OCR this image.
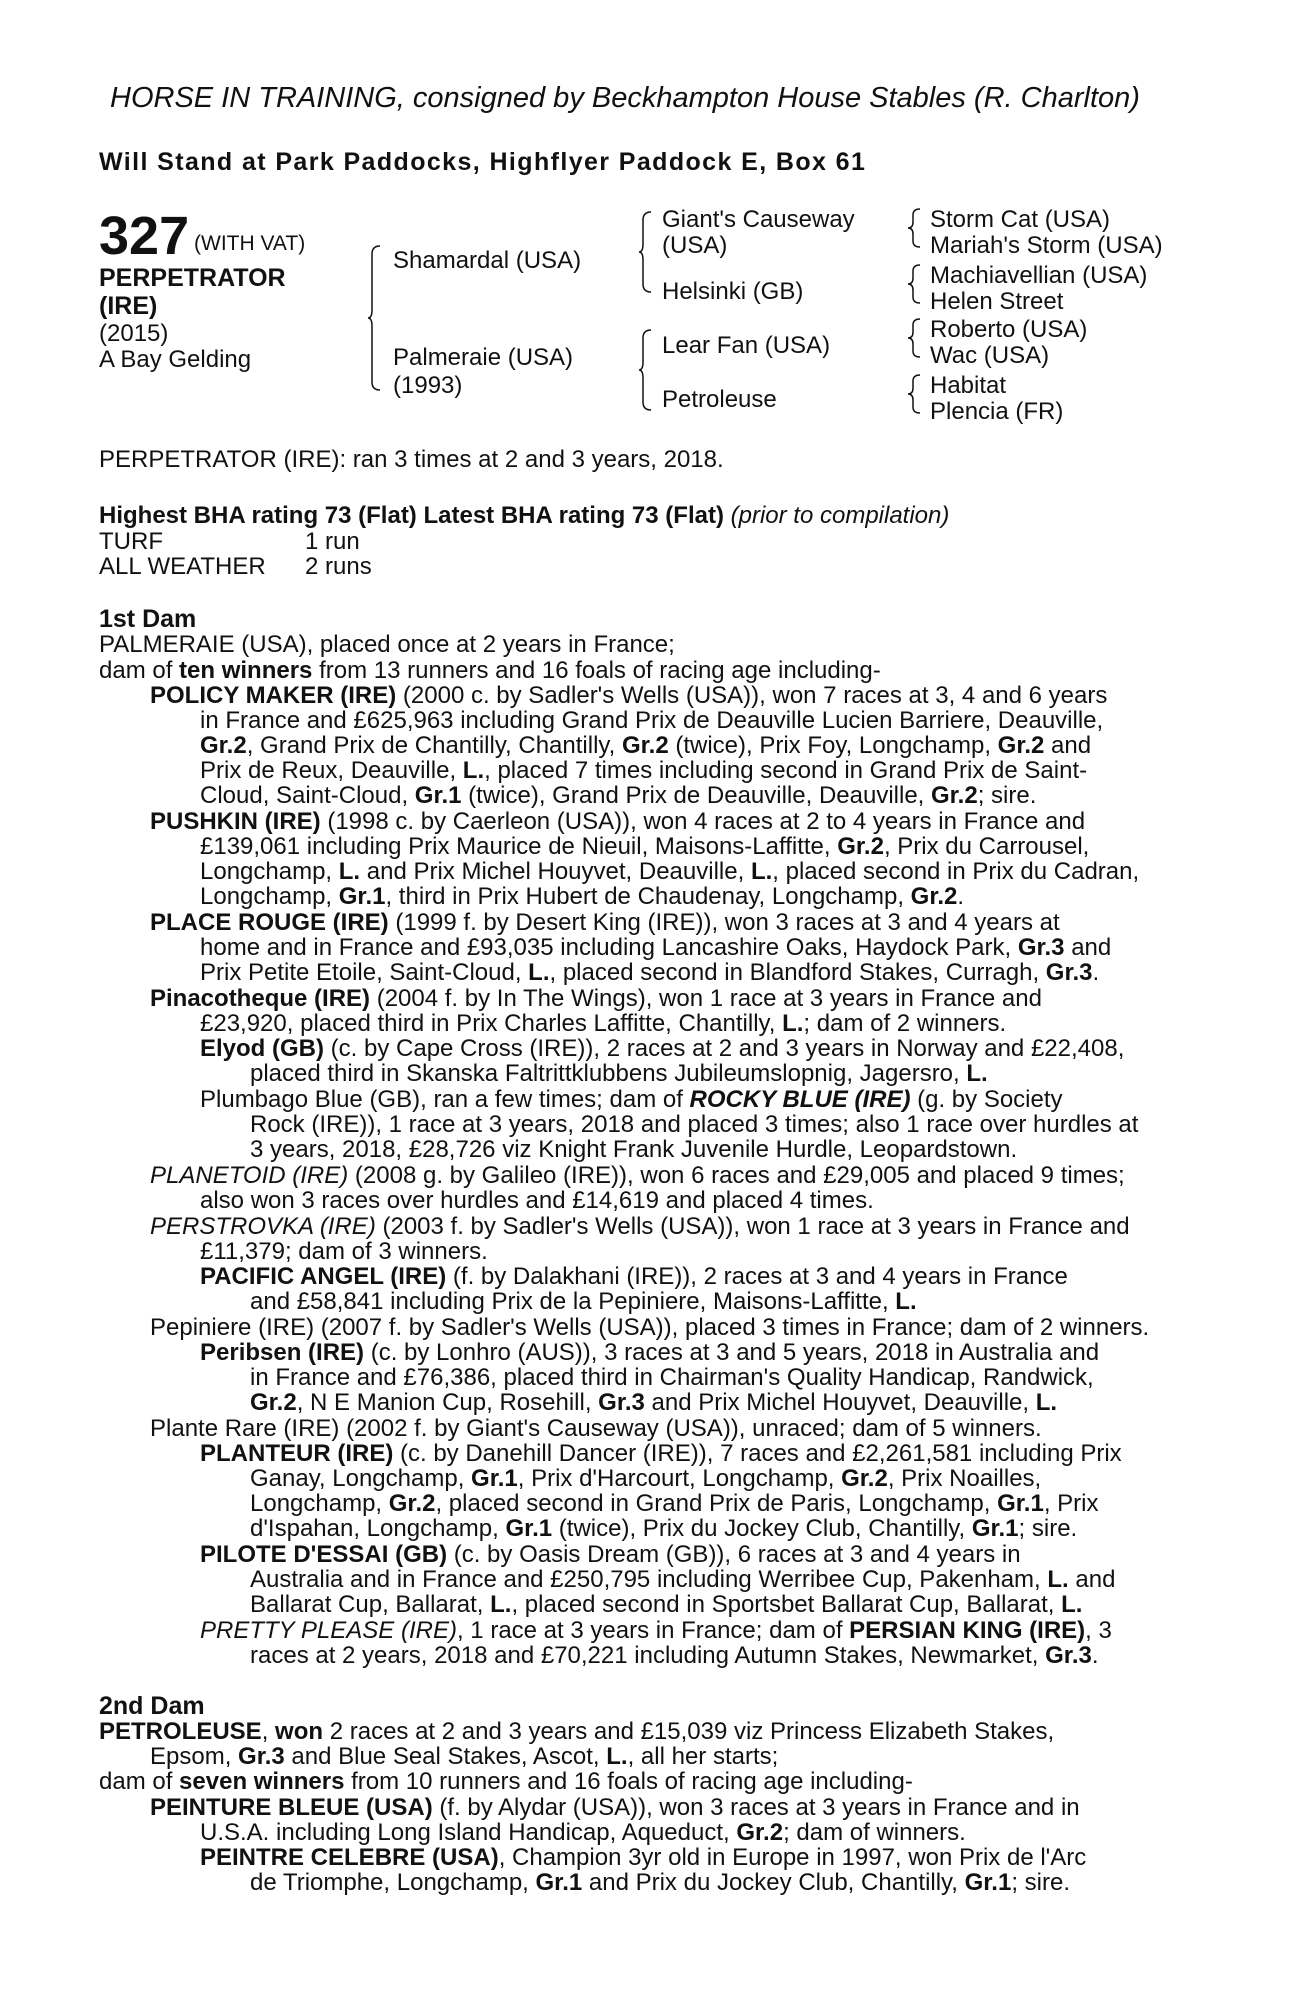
HORSE IN TRAINING, consigned by Beckhampton House Stables (R. Charlton)
Will Stand at Park Paddocks, Highflyer Paddock E, Box 61
327 (WITH VAT)
PERPETRATOR
(IRE)
(2015)
A Bay Gelding
Shamardal (USA)
Palmeraie (USA)
(1993)
Giant's Causeway
(USA)
Helsinki (GB)
Lear Fan (USA)
Petroleuse
Storm Cat (USA)
Mariah's Storm (USA)
Machiavellian (USA)
Helen Street
Roberto (USA)
Wac (USA)
Habitat
Plencia (FR)
PERPETRATOR (IRE): ran 3 times at 2 and 3 years, 2018.
Highest BHA rating 73 (Flat) Latest BHA rating 73 (Flat) (prior to compilation)
TURF	1 run
ALL WEATHER 2 runs
1st Dam
PALMERAIE (USA), placed once at 2 years in France;
dam of ten winners from 13 runners and 16 foals of racing age including-
POLICY MAKER (IRE) (2000 c. by Sadler's Wells (USA)), won 7 races at 3, 4 and 6 years
in France and £625,963 including Grand Prix de Deauville Lucien Barriere, Deauville,
Gr.2, Grand Prix de Chantilly, Chantilly, Gr.2 (twice), Prix Foy, Longchamp, Gr.2 and
Prix de Reux, Deauville, L., placed 7 times including second in Grand Prix de Saint-
Cloud, Saint-Cloud, Gr.1 (twice), Grand Prix de Deauville, Deauville, Gr.2; sire.
PUSHKIN (IRE) (1998 c. by Caerleon (USA)), won 4 races at 2 to 4 years in France and
£139,061 including Prix Maurice de Nieuil, Maisons-Laffitte, Gr.2, Prix du Carrousel,
Longchamp, L. and Prix Michel Houyvet, Deauville, L., placed second in Prix du Cadran,
Longchamp, Gr.1, third in Prix Hubert de Chaudenay, Longchamp, Gr.2.
PLACE ROUGE (IRE) (1999 f. by Desert King (IRE)), won 3 races at 3 and 4 years at
home and in France and £93,035 including Lancashire Oaks, Haydock Park, Gr.3 and
Prix Petite Etoile, Saint-Cloud, L., placed second in Blandford Stakes, Curragh, Gr.3.
Pinacotheque (IRE) (2004 f. by In The Wings), won 1 race at 3 years in France and
£23,920, placed third in Prix Charles Laffitte, Chantilly, L.; dam of 2 winners.
Elyod (GB) (c. by Cape Cross (IRE)), 2 races at 2 and 3 years in Norway and £22,408,
placed third in Skanska Faltrittklubbens Jubileumslopnig, Jagersro, L.
Plumbago Blue (GB), ran a few times; dam of ROCKY BLUE (IRE) (g. by Society
Rock (IRE)), 1 race at 3 years, 2018 and placed 3 times; also 1 race over hurdles at
3 years, 2018, £28,726 viz Knight Frank Juvenile Hurdle, Leopardstown.
PLANETOID (IRE) (2008 g. by Galileo (IRE)), won 6 races and £29,005 and placed 9 times;
also won 3 races over hurdles and £14,619 and placed 4 times.
PERSTROVKA (IRE) (2003 f. by Sadler's Wells (USA)), won 1 race at 3 years in France and
£11,379; dam of 3 winners.
PACIFIC ANGEL (IRE) (f. by Dalakhani (IRE)), 2 races at 3 and 4 years in France
and £58,841 including Prix de la Pepiniere, Maisons-Laffitte, L.
Pepiniere (IRE) (2007 f. by Sadler's Wells (USA)), placed 3 times in France; dam of 2 winners.
Peribsen (IRE) (c. by Lonhro (AUS)), 3 races at 3 and 5 years, 2018 in Australia and
in France and £76,386, placed third in Chairman's Quality Handicap, Randwick,
Gr.2, N E Manion Cup, Rosehill, Gr.3 and Prix Michel Houyvet, Deauville, L.
Plante Rare (IRE) (2002 f. by Giant's Causeway (USA)), unraced; dam of 5 winners.
PLANTEUR (IRE) (c. by Danehill Dancer (IRE)), 7 races and £2,261,581 including Prix
Ganay, Longchamp, Gr.1, Prix d'Harcourt, Longchamp, Gr.2, Prix Noailles,
Longchamp, Gr.2, placed second in Grand Prix de Paris, Longchamp, Gr.1, Prix
d'Ispahan, Longchamp, Gr.1 (twice), Prix du Jockey Club, Chantilly, Gr.1; sire.
PILOTE D'ESSAI (GB) (c. by Oasis Dream (GB)), 6 races at 3 and 4 years in
Australia and in France and £250,795 including Werribee Cup, Pakenham, L. and
Ballarat Cup, Ballarat, L., placed second in Sportsbet Ballarat Cup, Ballarat, L.
PRETTY PLEASE (IRE), 1 race at 3 years in France; dam of PERSIAN KING (IRE), 3
races at 2 years, 2018 and £70,221 including Autumn Stakes, Newmarket, Gr.3.
2nd Dam
PETROLEUSE, won 2 races at 2 and 3 years and £15,039 viz Princess Elizabeth Stakes,
Epsom, Gr.3 and Blue Seal Stakes, Ascot, L., all her starts;
dam of seven winners from 10 runners and 16 foals of racing age including-
PEINTURE BLEUE (USA) (f. by Alydar (USA)), won 3 races at 3 years in France and in
U.S.A. including Long Island Handicap, Aqueduct, Gr.2; dam of winners.
PEINTRE CELEBRE (USA), Champion 3yr old in Europe in 1997, won Prix de l'Arc
de Triomphe, Longchamp, Gr.1 and Prix du Jockey Club, Chantilly, Gr.1; sire.
